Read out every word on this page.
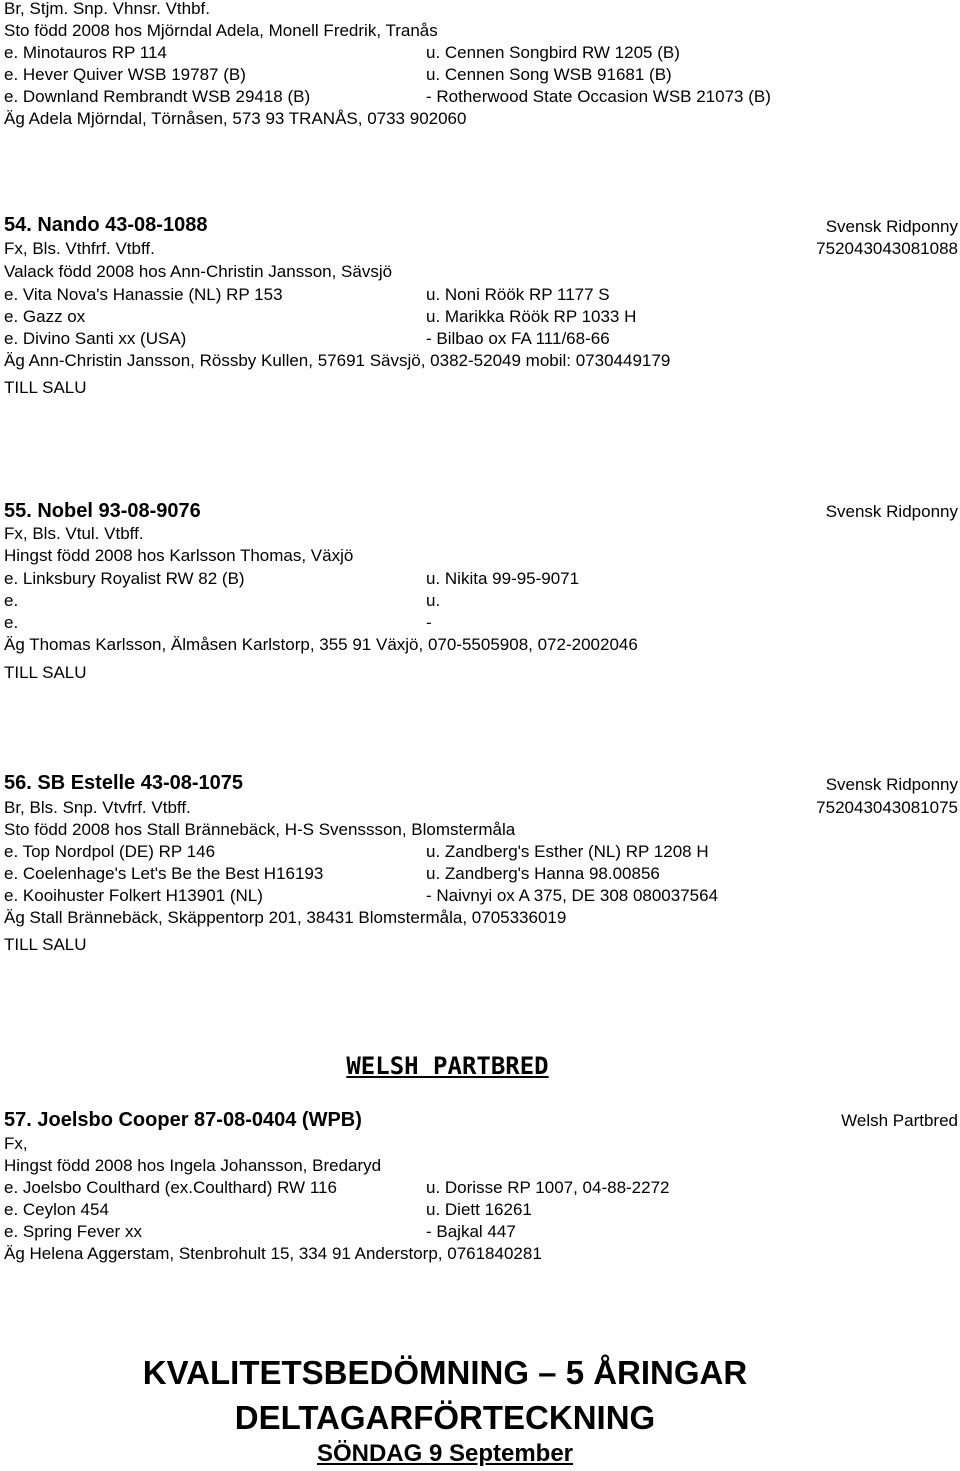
Br, Stjm. Snp. Vhnsr. Vthbf.
Sto född 2008 hos Mjörndal Adela, Monell Fredrik, Tranås
e. Minotauros RP 114	u. Cennen Songbird RW 1205 (B)
e. Hever Quiver WSB 19787 (B)	u. Cennen Song WSB 91681 (B)
e. Downland Rembrandt WSB 29418 (B)	- Rotherwood State Occasion WSB 21073 (B)
Äg Adela Mjörndal, Törnåsen, 573 93 TRANÅS, 0733 902060
54. Nando 43-08-1088	Svensk Ridponny
Fx, Bls. Vthfrf. Vtbff.	752043043081088
Valack född 2008 hos Ann-Christin Jansson, Sävsjö
e. Vita Nova's Hanassie (NL) RP 153	u. Noni Röök RP 1177 S
e. Gazz ox	u. Marikka Röök RP 1033 H
e. Divino Santi xx (USA)	- Bilbao ox FA 111/68-66
Äg Ann-Christin Jansson, Rössby Kullen, 57691 Sävsjö, 0382-52049 mobil: 0730449179
TILL SALU
55. Nobel 93-08-9076	Svensk Ridponny
Fx, Bls. Vtul. Vtbff.
Hingst född 2008 hos Karlsson Thomas, Växjö
e. Linksbury Royalist RW 82 (B)	u. Nikita 99-95-9071
e.	u.
e.	-
Äg Thomas Karlsson, Älmåsen Karlstorp, 355 91 Växjö, 070-5505908, 072-2002046
TILL SALU
56. SB Estelle 43-08-1075	Svensk Ridponny
Br, Bls. Snp. Vtvfrf. Vtbff.	752043043081075
Sto född 2008 hos Stall Brännebäck, H-S Svenssson, Blomstermåla
e. Top Nordpol (DE) RP 146	u. Zandberg's Esther (NL) RP 1208 H
e. Coelenhage's Let's Be the Best H16193	u. Zandberg's Hanna 98.00856
e. Kooihuster Folkert H13901 (NL)	- Naivnyi ox A 375, DE 308 080037564
Äg Stall Brännebäck, Skäppentorp 201, 38431 Blomstermåla, 0705336019
TILL SALU
WELSH PARTBRED
57. Joelsbo Cooper 87-08-0404 (WPB)	Welsh Partbred
Fx,
Hingst född 2008 hos Ingela Johansson, Bredaryd
e. Joelsbo Coulthard (ex.Coulthard) RW 116	u. Dorisse RP 1007, 04-88-2272
e. Ceylon 454	u. Diett 16261
e. Spring Fever xx	- Bajkal 447
Äg Helena Aggerstam, Stenbrohult 15, 334 91 Anderstorp, 0761840281
KVALITETSBEDÖMNING – 5 ÅRINGAR
DELTAGARFÖRTECKNING
SÖNDAG 9 September
